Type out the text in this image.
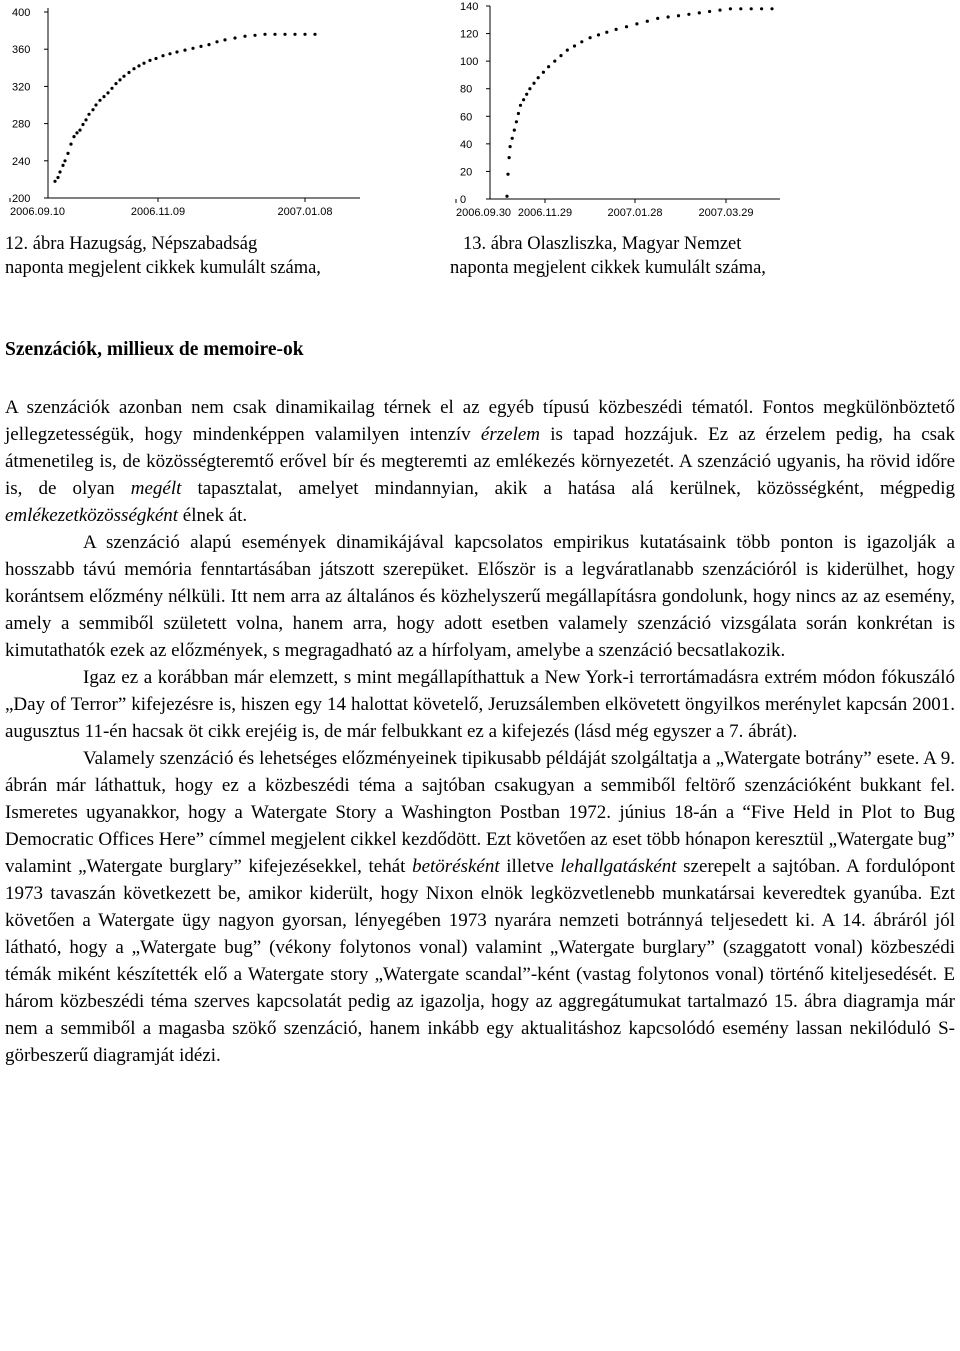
200
240
280
320
360
400
2006.09.10	2006.11.09	2007.01.08
0
20
40
60
80
100
120
140
2006.09.30 2006.11.29	2007.01.28	2007.03.29
12. ábra Hazugság, Népszabadság
naponta megjelent cikkek kumulált száma,
13. ábra Olaszliszka, Magyar Nemzet
naponta megjelent cikkek kumulált száma,
Szenzációk, millieux de memoire-ok

A szenzációk azonban nem csak dinamikailag térnek el az egyéb típusú közbeszédi tématól. Fontos megkülönböztető jellegzetességük, hogy mindenképpen valamilyen intenzív érzelem is tapad hozzájuk. Ez az érzelem pedig, ha csak átmenetileg is, de közösségteremtő erővel bír és megteremti az emlékezés környezetét. A szenzáció ugyanis, ha rövid időre is, de olyan megélt tapasztalat, amelyet mindannyian, akik a hatása alá kerülnek, közösségként, mégpedig emlékezetközösségként élnek át.

A szenzáció alapú események dinamikájával kapcsolatos empirikus kutatásaink több ponton is igazolják a hosszabb távú memória fenntartásában játszott szerepüket. Először is a legváratlanabb szenzációról is kiderülhet, hogy korántsem előzmény nélküli. Itt nem arra az általános és közhelyszerű megállapításra gondolunk, hogy nincs az az esemény, amely a semmiből született volna, hanem arra, hogy adott esetben valamely szenzáció vizsgálata során konkrétan is kimutathatók ezek az előzmények, s megragadható az a hírfolyam, amelybe a szenzáció becsatlakozik.

Igaz ez a korábban már elemzett, s mint megállapíthattuk a New York-i terrortámadásra extrém módon fókuszáló „Day of Terror” kifejezésre is, hiszen egy 14 halottat követelő, Jeruzsálemben elkövetett öngyilkos merénylet kapcsán 2001. augusztus 11-én hacsak öt cikk erejéig is, de már felbukkant ez a kifejezés (lásd még egyszer a 7. ábrát).

Valamely szenzáció és lehetséges előzményeinek tipikusabb példáját szolgáltatja a „Watergate botrány” esete. A 9. ábrán már láthattuk, hogy ez a közbeszédi téma a sajtóban csakugyan a semmiből feltörő szenzációként bukkant fel. Ismeretes ugyanakkor, hogy a Watergate Story a Washington Postban 1972. június 18-án a “Five Held in Plot to Bug Democratic Offices Here” címmel megjelent cikkel kezdődött. Ezt követően az eset több hónapon keresztül „Watergate bug” valamint „Watergate burglary” kifejezésekkel, tehát betörésként illetve lehallgatásként szerepelt a sajtóban. A fordulópont 1973 tavaszán következett be, amikor kiderült, hogy Nixon elnök legközvetlenebb munkatársai keveredtek gyanúba. Ezt követően a Watergate ügy nagyon gyorsan, lényegében 1973 nyarára nemzeti botránnyá teljesedett ki. A 14. ábráról jól látható, hogy a „Watergate bug” (vékony folytonos vonal) valamint „Watergate burglary” (szaggatott vonal) közbeszédi témák miként készítették elő a Watergate story „Watergate scandal”-ként (vastag folytonos vonal) történő kiteljesedését. E három közbeszédi téma szerves kapcsolatát pedig az igazolja, hogy az aggregátumukat tartalmazó 15. ábra diagramja már nem a semmiből a magasba szökő szenzáció, hanem inkább egy aktualitáshoz kapcsolódó esemény lassan nekilóduló S-görbeszerű diagramját idézi.
